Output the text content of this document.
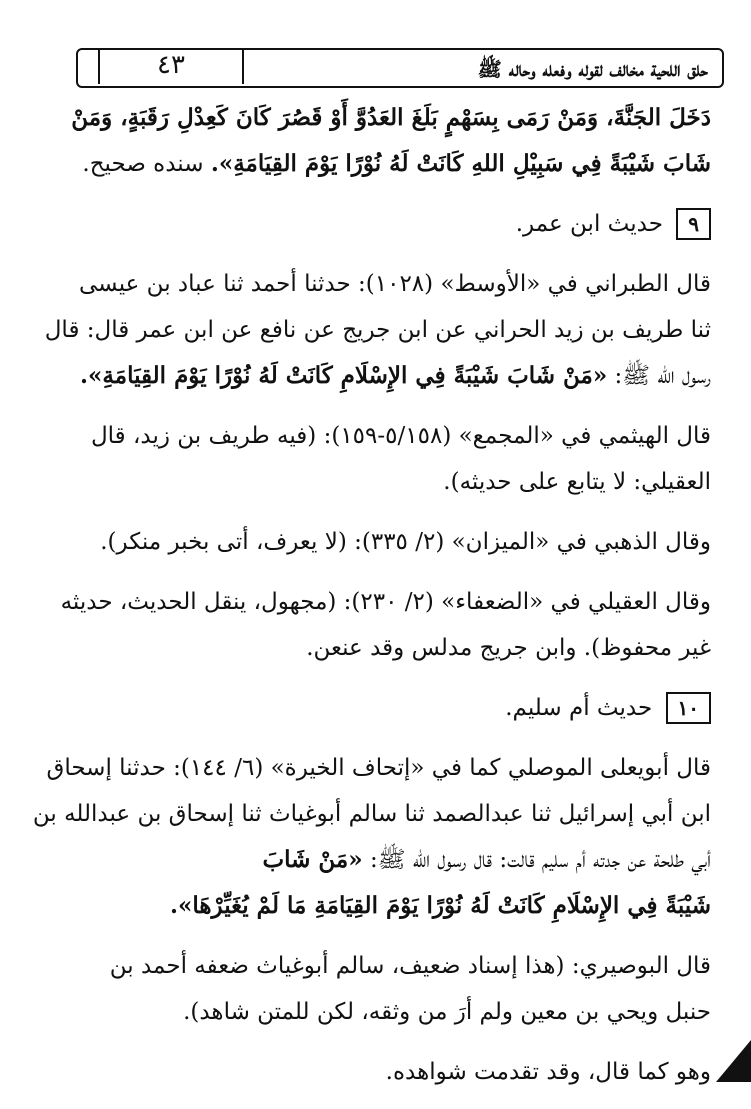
حلق اللحية مخالف لقوله وفعله وحاله ﷺ
٤٣

دَخَلَ الجَنَّةَ، وَمَنْ رَمَى بِسَهْمٍ بَلَغَ العَدُوَّ أَوْ قَصُرَ كَانَ كَعِدْلِ رَقَبَةٍ، وَمَنْ

شَابَ شَيْبَةً فِي سَبِيْلِ اللهِ كَانَتْ لَهُ نُوْرًا يَوْمَ القِيَامَةِ». سنده صحيح.

٩ حديث ابن عمر.

قال الطبراني في «الأوسط» (١٠٢٨): حدثنا أحمد ثنا عباد بن عيسى

ثنا طريف بن زيد الحراني عن ابن جريج عن نافع عن ابن عمر قال: قال

رسول الله ﷺ: «مَنْ شَابَ شَيْبَةً فِي الإِسْلَامِ كَانَتْ لَهُ نُوْرًا يَوْمَ القِيَامَةِ».

قال الهيثمي في «المجمع» (٥/١٥٨-١٥٩): (فيه طريف بن زيد، قال

العقيلي: لا يتابع على حديثه).

وقال الذهبي في «الميزان» (٢/ ٣٣٥): (لا يعرف، أتى بخبر منكر).

وقال العقيلي في «الضعفاء» (٢/ ٢٣٠): (مجهول، ينقل الحديث، حديثه

غير محفوظ). وابن جريج مدلس وقد عنعن.

١٠ حديث أم سليم.

قال أبويعلى الموصلي كما في «إتحاف الخيرة» (٦/ ١٤٤): حدثنا إسحاق

ابن أبي إسرائيل ثنا عبدالصمد ثنا سالم أبوغياث ثنا إسحاق بن عبدالله بن

أبي طلحة عن جدته أم سليم قالت: قال رسول الله ﷺ: «مَنْ شَابَ

شَيْبَةً فِي الإِسْلَامِ كَانَتْ لَهُ نُوْرًا يَوْمَ القِيَامَةِ مَا لَمْ يُغَيِّرْهَا».

قال البوصيري: (هذا إسناد ضعيف، سالم أبوغياث ضعفه أحمد بن

حنبل ويحي بن معين ولم أرَ من وثقه، لكن للمتن شاهد).

وهو كما قال، وقد تقدمت شواهده.
